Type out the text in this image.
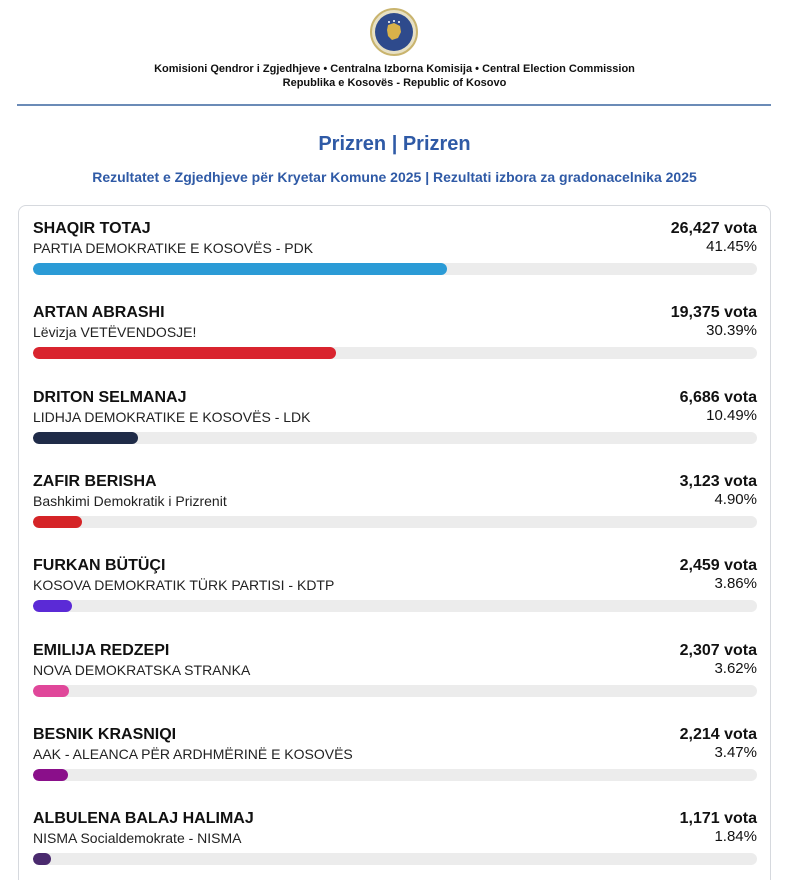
Komisioni Qendror i Zgjedhjeve • Centralna Izborna Komisija • Central Election Commission
Republika e Kosovës - Republic of Kosovo
Prizren | Prizren
Rezultatet e Zgjedhjeve për Kryetar Komune 2025 | Rezultati izbora za gradonacelnika 2025
SHAQIR TOTAJ
PARTIA DEMOKRATIKE E KOSOVËS - PDK
26,427 vota
41.45%
ARTAN ABRASHI
Lëvizja VETËVENDOSJE!
19,375 vota
30.39%
DRITON SELMANAJ
LIDHJA DEMOKRATIKE E KOSOVËS - LDK
6,686 vota
10.49%
ZAFIR BERISHA
Bashkimi Demokratik i Prizrenit
3,123 vota
4.90%
FURKAN BÜTÜÇI
KOSOVA DEMOKRATIK TÜRK PARTISI - KDTP
2,459 vota
3.86%
EMILIJA REDZEPI
NOVA DEMOKRATSKA STRANKA
2,307 vota
3.62%
BESNIK KRASNIQI
AAK - ALEANCA PËR ARDHMËRINË E KOSOVËS
2,214 vota
3.47%
ALBULENA BALAJ HALIMAJ
NISMA Socialdemokrate - NISMA
1,171 vota
1.84%
